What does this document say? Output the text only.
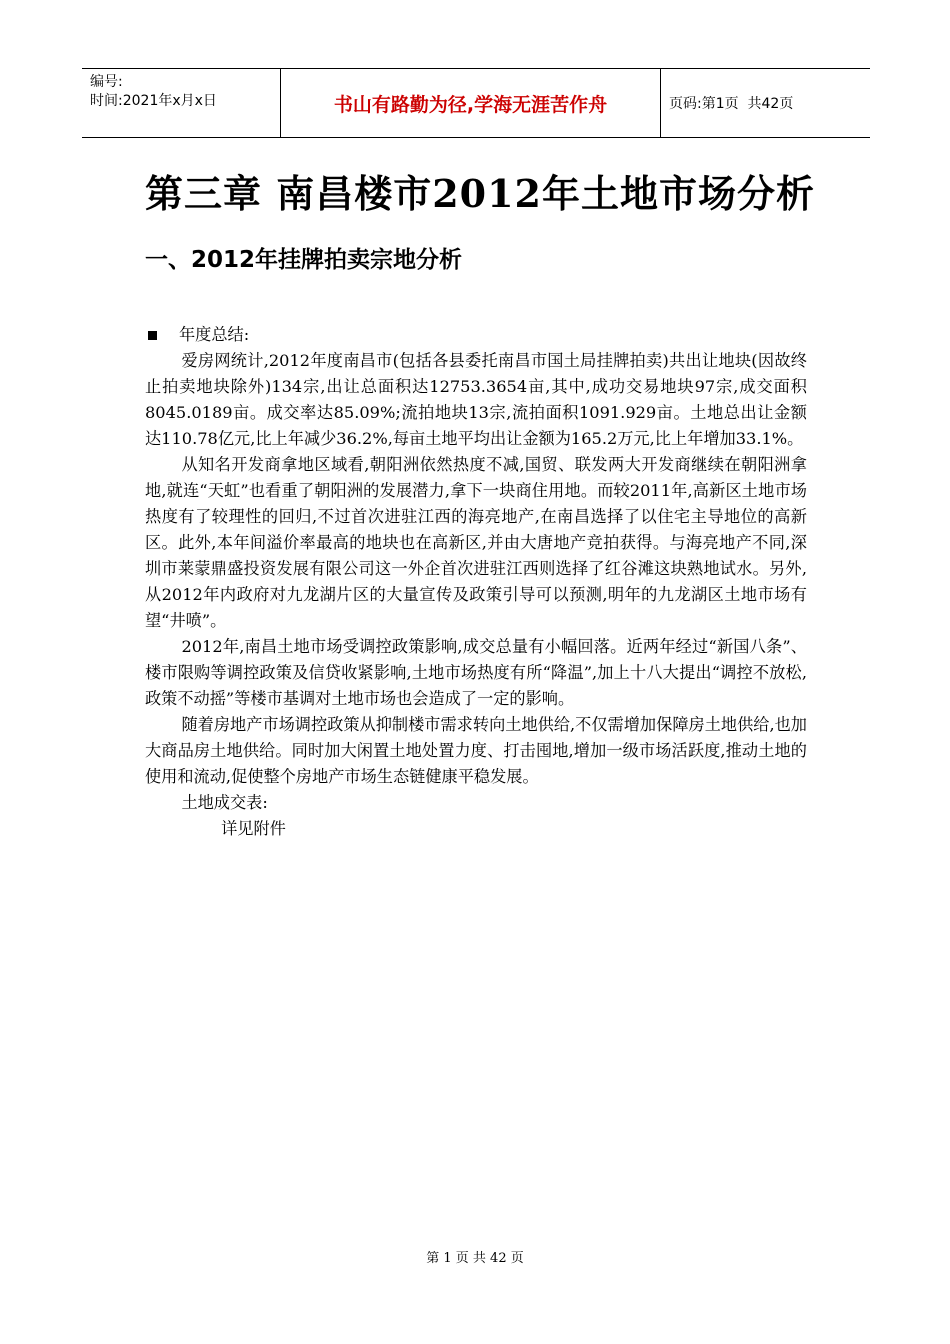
编号:
时间:2021年x月x日	书山有路勤为径,学海无涯苦作舟	页码:第1页  共42页
第三章 南昌楼市2012年土地市场分析
一、2012年挂牌拍卖宗地分析
年度总结:

爱房网统计,2012年度南昌市(包括各县委托南昌市国土局挂牌拍卖)共出让地块(因故终止拍卖地块除外)134宗,出让总面积达12753.3654亩,其中,成功交易地块97宗,成交面积8045.0189亩。成交率达85.09%;流拍地块13宗,流拍面积1091.929亩。土地总出让金额达110.78亿元,比上年减少36.2%,每亩土地平均出让金额为165.2万元,比上年增加33.1%。

从知名开发商拿地区域看,朝阳洲依然热度不减,国贸、联发两大开发商继续在朝阳洲拿地,就连“天虹”也看重了朝阳洲的发展潜力,拿下一块商住用地。而较2011年,高新区土地市场热度有了较理性的回归,不过首次进驻江西的海亮地产,在南昌选择了以住宅主导地位的高新区。此外,本年间溢价率最高的地块也在高新区,并由大唐地产竞拍获得。与海亮地产不同,深圳市莱蒙鼎盛投资发展有限公司这一外企首次进驻江西则选择了红谷滩这块熟地试水。另外,从2012年内政府对九龙湖片区的大量宣传及政策引导可以预测,明年的九龙湖区土地市场有望“井喷”。

2012年,南昌土地市场受调控政策影响,成交总量有小幅回落。近两年经过“新国八条”、楼市限购等调控政策及信贷收紧影响,土地市场热度有所“降温”,加上十八大提出“调控不放松,政策不动摇”等楼市基调对土地市场也会造成了一定的影响。

随着房地产市场调控政策从抑制楼市需求转向土地供给,不仅需增加保障房土地供给,也加大商品房土地供给。同时加大闲置土地处置力度、打击囤地,增加一级市场活跃度,推动土地的使用和流动,促使整个房地产市场生态链健康平稳发展。

土地成交表:
详见附件
第 1 页 共 42 页
